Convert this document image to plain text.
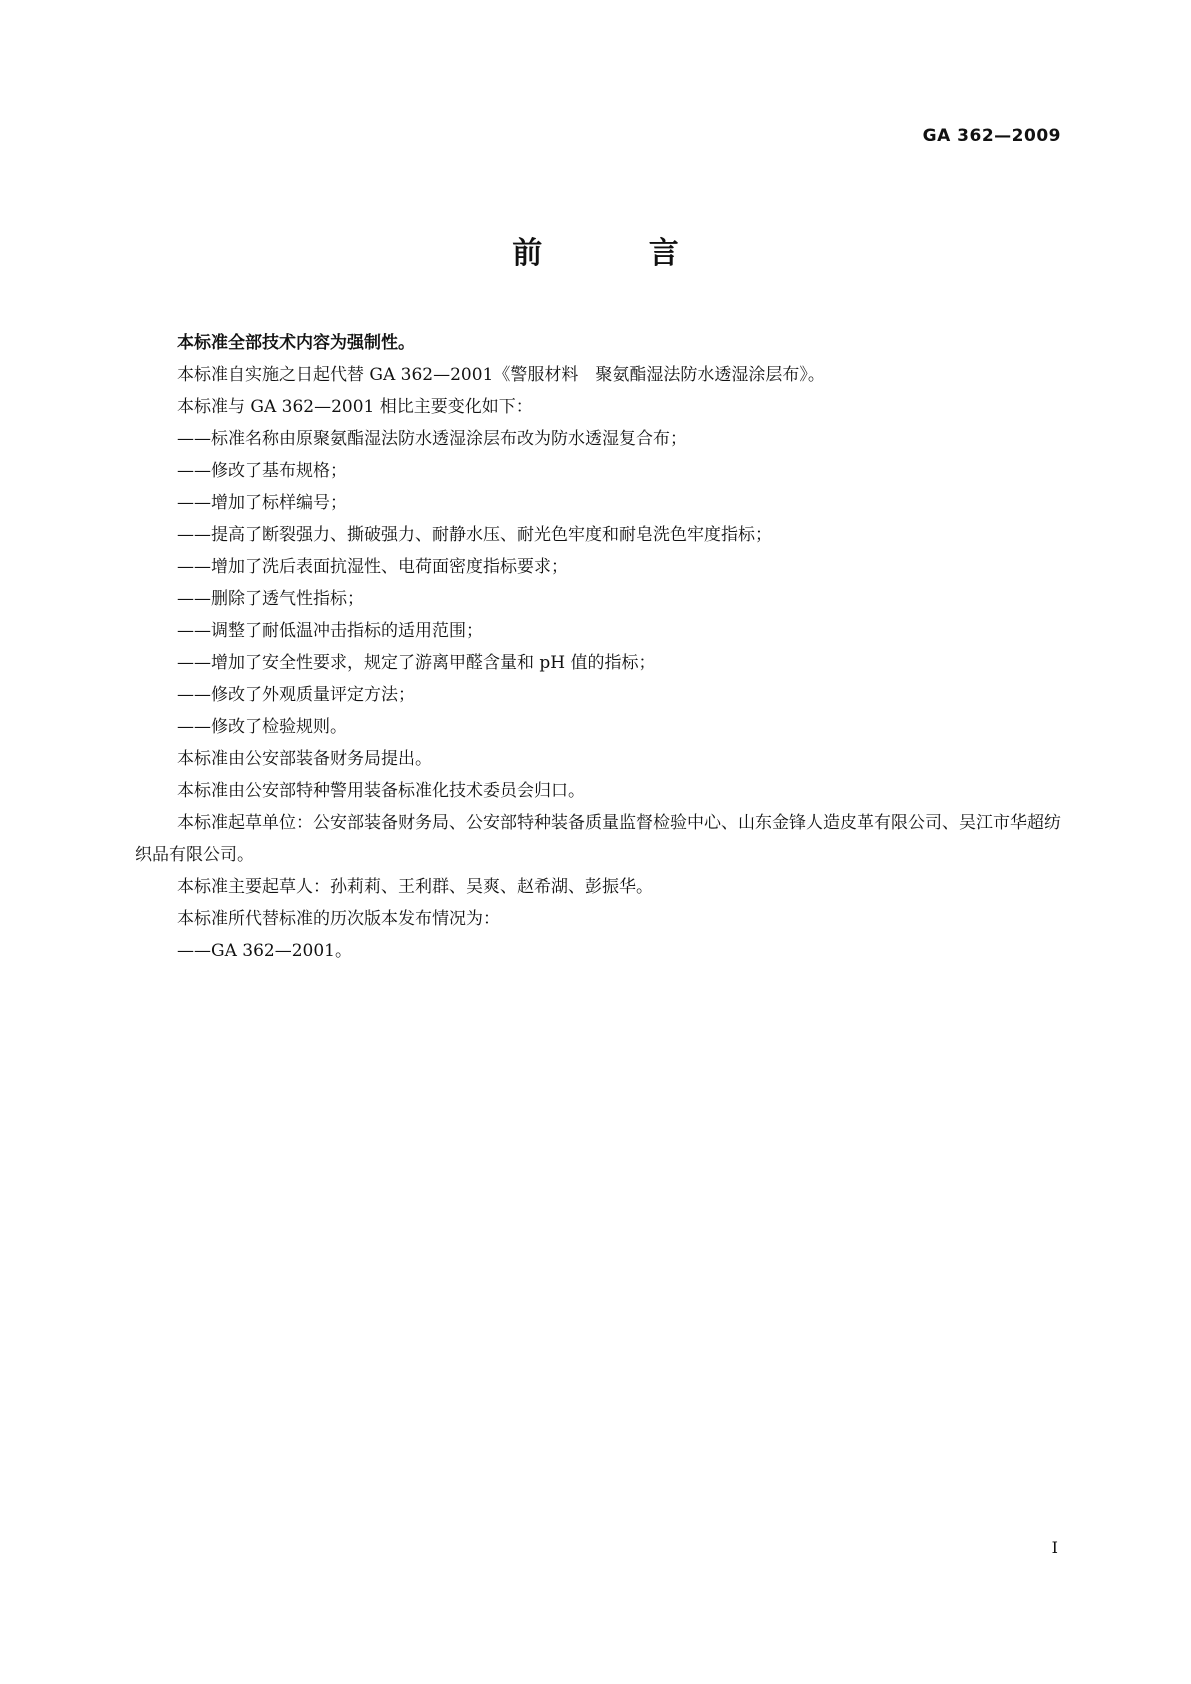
GA 362—2009
前 言

本标准全部技术内容为强制性。

本标准自实施之日起代替 GA 362—2001《警服材料　聚氨酯湿法防水透湿涂层布》。

本标准与 GA 362—2001 相比主要变化如下：

——标准名称由原聚氨酯湿法防水透湿涂层布改为防水透湿复合布；

——修改了基布规格；

——增加了标样编号；

——提高了断裂强力、撕破强力、耐静水压、耐光色牢度和耐皂洗色牢度指标；

——增加了洗后表面抗湿性、电荷面密度指标要求；

——删除了透气性指标；

——调整了耐低温冲击指标的适用范围；

——增加了安全性要求，规定了游离甲醛含量和 pH 值的指标；

——修改了外观质量评定方法；

——修改了检验规则。

本标准由公安部装备财务局提出。

本标准由公安部特种警用装备标准化技术委员会归口。

本标准起草单位：公安部装备财务局、公安部特种装备质量监督检验中心、山东金锋人造皮革有限公司、吴江市华超纺织品有限公司。

本标准主要起草人：孙莉莉、王利群、吴爽、赵希湖、彭振华。

本标准所代替标准的历次版本发布情况为：

——GA 362—2001。

I
